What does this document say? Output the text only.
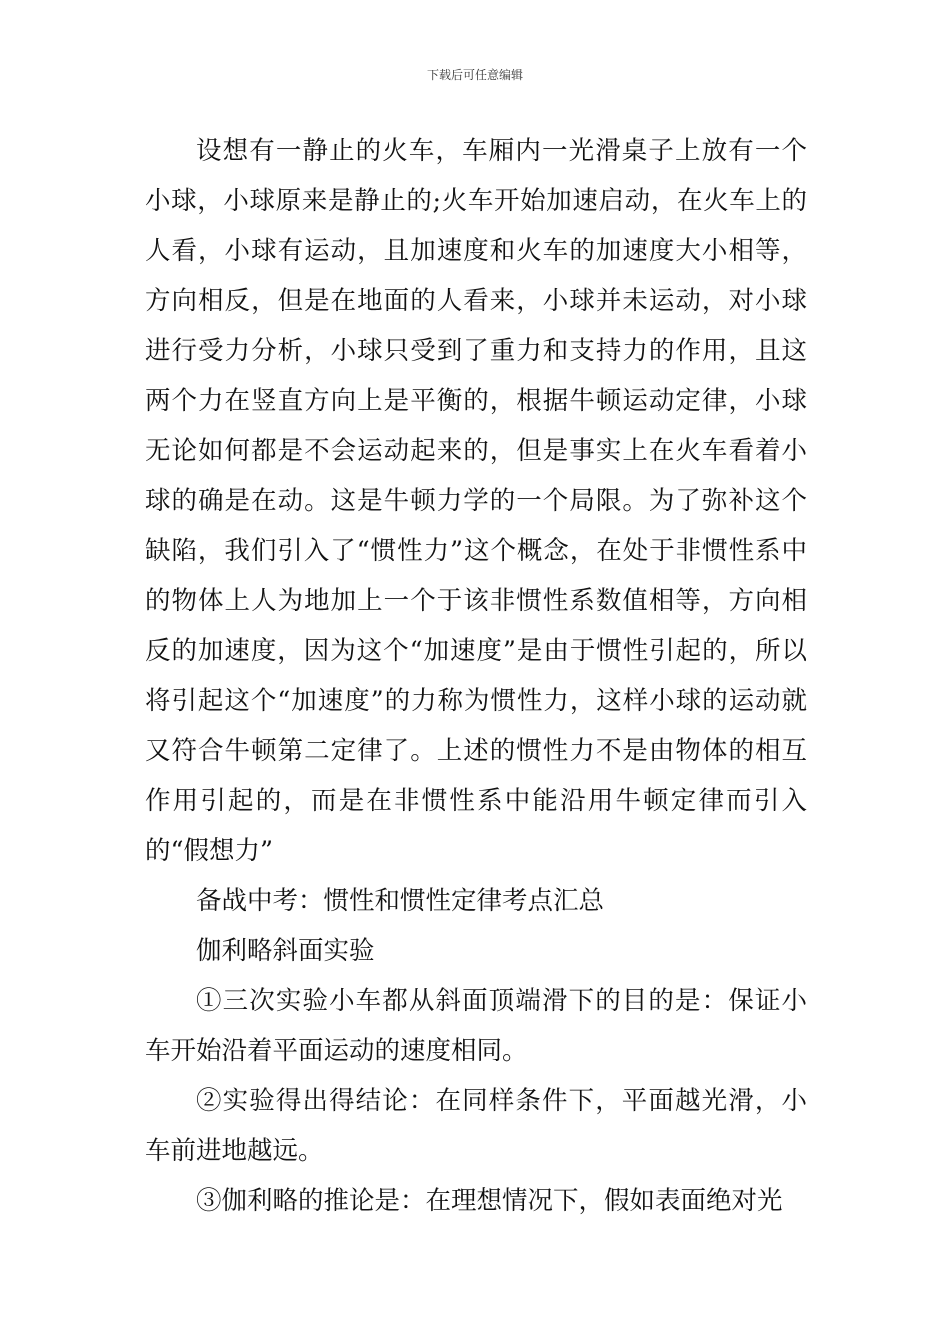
下载后可任意编辑

设想有一静止的火车，车厢内一光滑桌子上放有一个小球，小球原来是静止的;火车开始加速启动，在火车上的人看，小球有运动，且加速度和火车的加速度大小相等，方向相反，但是在地面的人看来，小球并未运动，对小球进行受力分析，小球只受到了重力和支持力的作用，且这两个力在竖直方向上是平衡的，根据牛顿运动定律，小球无论如何都是不会运动起来的，但是事实上在火车看着小球的确是在动。这是牛顿力学的一个局限。为了弥补这个缺陷，我们引入了“惯性力”这个概念，在处于非惯性系中的物体上人为地加上一个于该非惯性系数值相等，方向相反的加速度，因为这个“加速度”是由于惯性引起的，所以将引起这个“加速度”的力称为惯性力，这样小球的运动就又符合牛顿第二定律了。上述的惯性力不是由物体的相互作用引起的，而是在非惯性系中能沿用牛顿定律而引入的“假想力”

备战中考：惯性和惯性定律考点汇总

伽利略斜面实验

①三次实验小车都从斜面顶端滑下的目的是：保证小车开始沿着平面运动的速度相同。

②实验得出得结论：在同样条件下，平面越光滑，小车前进地越远。

③伽利略的推论是：在理想情况下，假如表面绝对光
